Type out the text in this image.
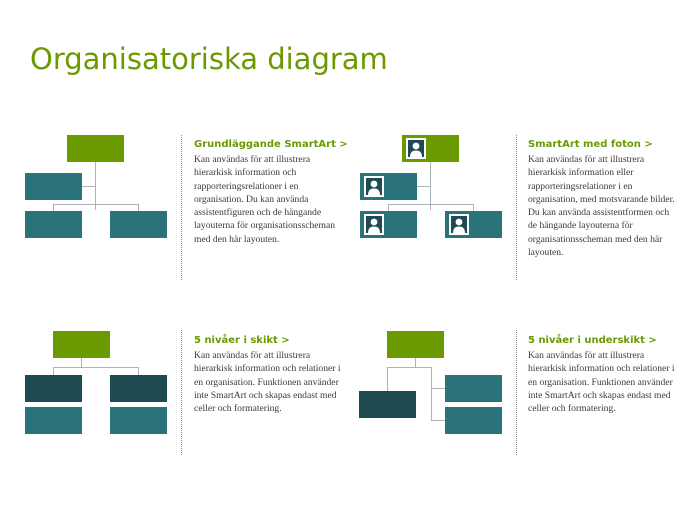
Organisatoriska diagram
Grundläggande SmartArt >
Kan användas för att illustrera hierarkisk information och rapporteringsrelationer i en organisation. Du kan använda assistentfiguren och de hängande layouterna för organisationsscheman med den här layouten.
SmartArt med foton >
Kan användas för att illustrera hierarkisk information eller rapporteringsrelationer i en organisation, med motsvarande bilder. Du kan använda assistentformen och de hängande layouterna för organisationsscheman med den här layouten.
5 nivåer i skikt >
Kan användas för att illustrera hierarkisk information och relationer i en organisation. Funktionen använder inte SmartArt och skapas endast med celler och formatering.
5 nivåer i underskikt >
Kan användas för att illustrera hierarkisk information och relationer i en organisation. Funktionen använder inte SmartArt och skapas endast med celler och formatering.
